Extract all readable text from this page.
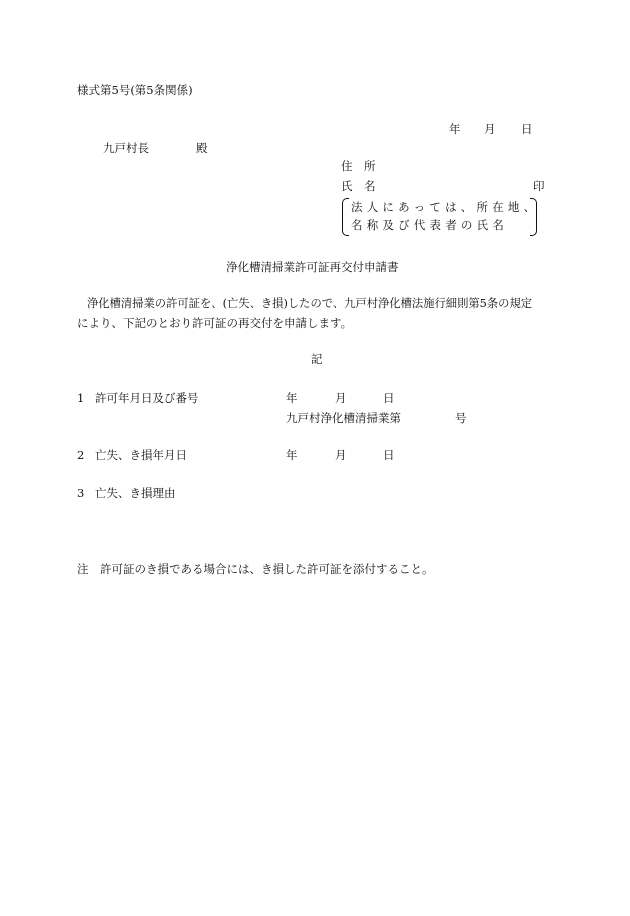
様式第5号(第5条関係)
年 月 日
九戸村長	殿
住　所
氏　名	印
法人にあっては、所在地、
名称及び代表者の氏名
浄化槽清掃業許可証再交付申請書
浄化槽清掃業の許可証を、(亡失、き損)したので、九戸村浄化槽法施行細則第5条の規定
により、下記のとおり許可証の再交付を申請します。
記
1 許可年月日及び番号	年	月	日
九戸村浄化槽清掃業第	号
2 亡失、き損年月日	年	月	日
3 亡失、き損理由
注　許可証のき損である場合には、き損した許可証を添付すること。
